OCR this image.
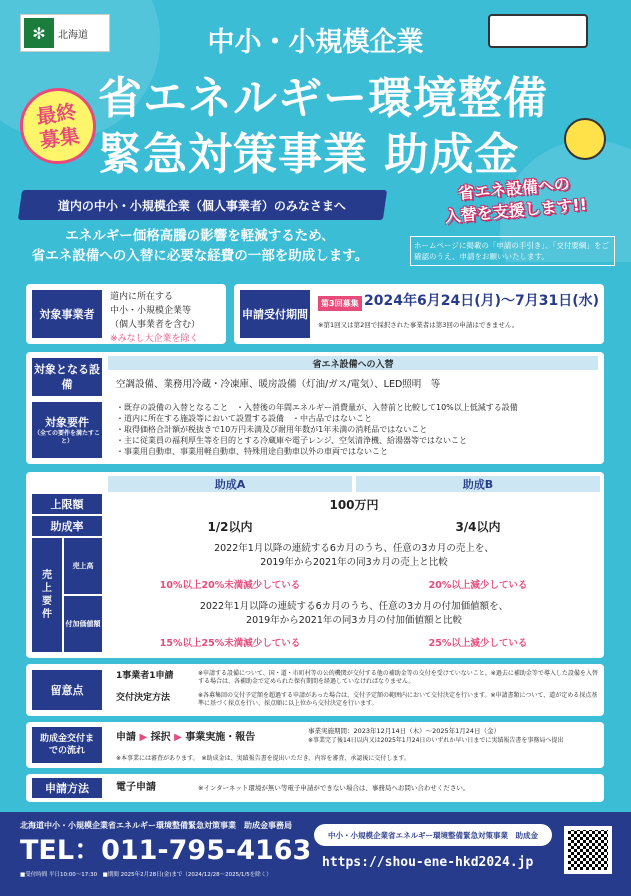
✻	北海道	中小・小規模企業
省エネルギー環境整備
緊急対策事業 助成金
最終
募集
道内の中小・小規模企業（個人事業者）のみなさまへ
省エネ設備への
入替を支援します!!
エネルギー価格高騰の影響を軽減するため、
省エネ設備への入替に必要な経費の一部を助成します。
ホームページに掲載の「申請の手引き」、「交付要綱」をご確認のうえ、申請をお願いいたします。
対象事業者
道内に所在する
中小・小規模企業等
（個人事業者を含む）
※みなし大企業を除く
申請受付期間
第3回募集 2024年6月24日(月)～7月31日(水)
※第1回又は第2回で採択された事業者は第3回の申請はできません。
対象となる設備
省エネ設備への入替
空調設備、業務用冷蔵・冷凍庫、暖房設備（灯油/ガス/電気）、LED照明　等
対象要件
（全ての要件を満たすこと）
・既存の設備の入替となること　・入替後の年間エネルギー消費量が、入替前と比較して10%以上低減する設備
・道内に所在する施設等において設置する設備　・中古品ではないこと
・取得価格合計額が税抜きで10万円未満及び耐用年数が1年未満の消耗品ではないこと
・主に従業員の福利厚生等を目的とする冷蔵庫や電子レンジ、空気清浄機、給湯器等ではないこと
・事業用自動車、事業用軽自動車、特殊用途自動車以外の車両ではないこと
助成A	助成B
上限額	100万円
助成率	1/2以内	3/4以内
売上要件
売上高
2022年1月以降の連続する6カ月のうち、任意の3カ月の売上を、
2019年から2021年の同3カ月の売上と比較
10%以上20%未満減少している	20%以上減少している
付加価値額
2022年1月以降の連続する6カ月のうち、任意の3カ月の付加価値額を、
2019年から2021年の同3カ月の付加価値額と比較
15%以上25%未満減少している	25%以上減少している
留意点
1事業者1申請	※申請する設備について、国・道・市町村等の公的機関が交付する他の補助金等の交付を受けていないこと。※過去に補助金等で導入した設備を入替する場合は、各補助金で定められた保有期間を経過していなければなりません。
交付決定方法	※各募集回の交付予定額を超過する申請があった場合は、交付予定額の範囲内において交付決定を行います。※申請書類について、道が定める採点基準に基づく採点を行い、採点順に以上位から交付決定を行います。
助成金交付までの流れ
申請 ▶ 採択 ▶ 事業実施・報告
事業実施期間：2023年12月14日（木）～2025年1月24日（金）
※事業完了後14日以内又は2025年1月24日のいずれか早い日までに実績報告書を事務局へ提出
※本事業には審査があります。　※助成金は、実績報告書を提出いただき、内容を審査、承認後に交付します。
申請方法	電子申請	※インターネット環境が無い等電子申請ができない場合は、事務局へお問い合わせください。
北海道中小・小規模企業省エネルギー環境整備緊急対策事業　助成金事務局
TEL：011-795-4163
■受付時間 平日10:00～17:30　■期間 2025年2月28日(金)まで（2024/12/28～2025/1/5を除く）
中小・小規模企業省エネルギー環境整備緊急対策事業　助成金
https://shou-ene-hkd2024.jp
